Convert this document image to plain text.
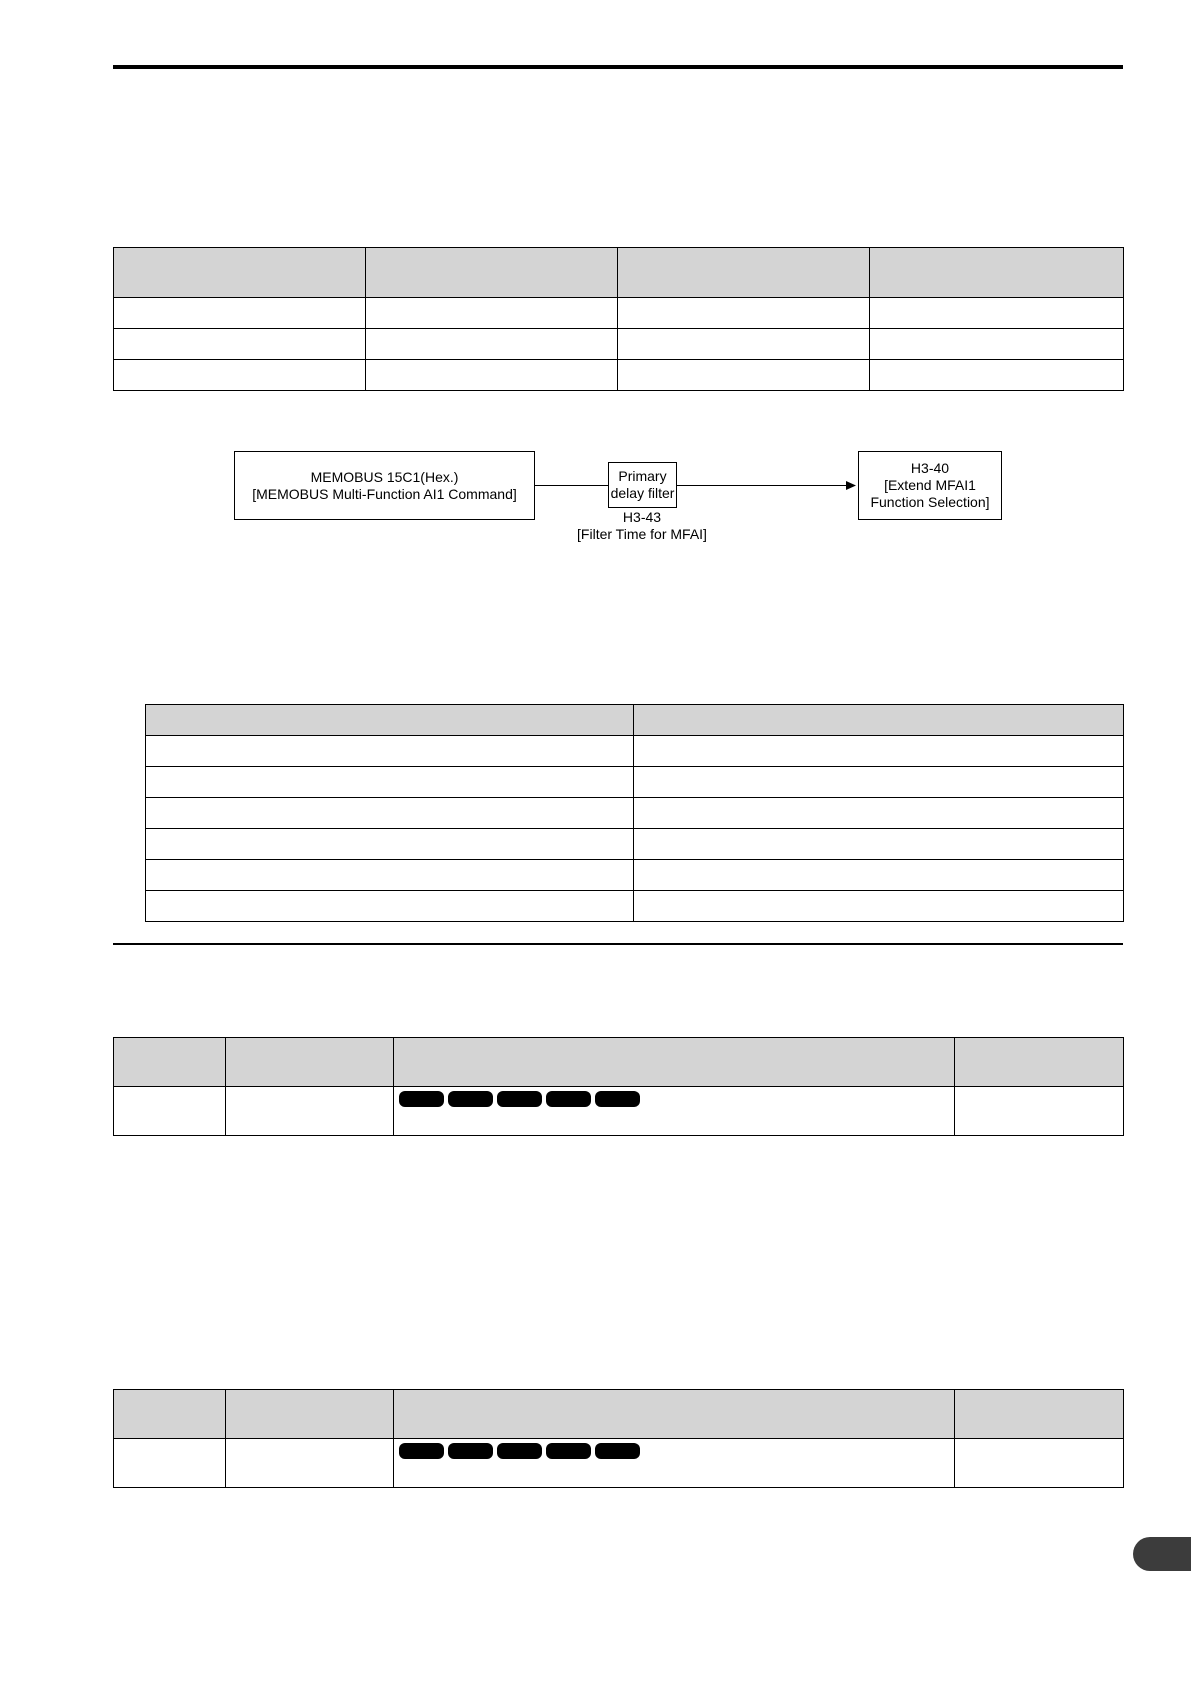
MEMOBUS 15C1(Hex.)
[MEMOBUS Multi-Function AI1 Command]
Primary
delay filter
H3-43
[Filter Time for MFAI]
H3-40
[Extend MFAI1
Function Selection]
